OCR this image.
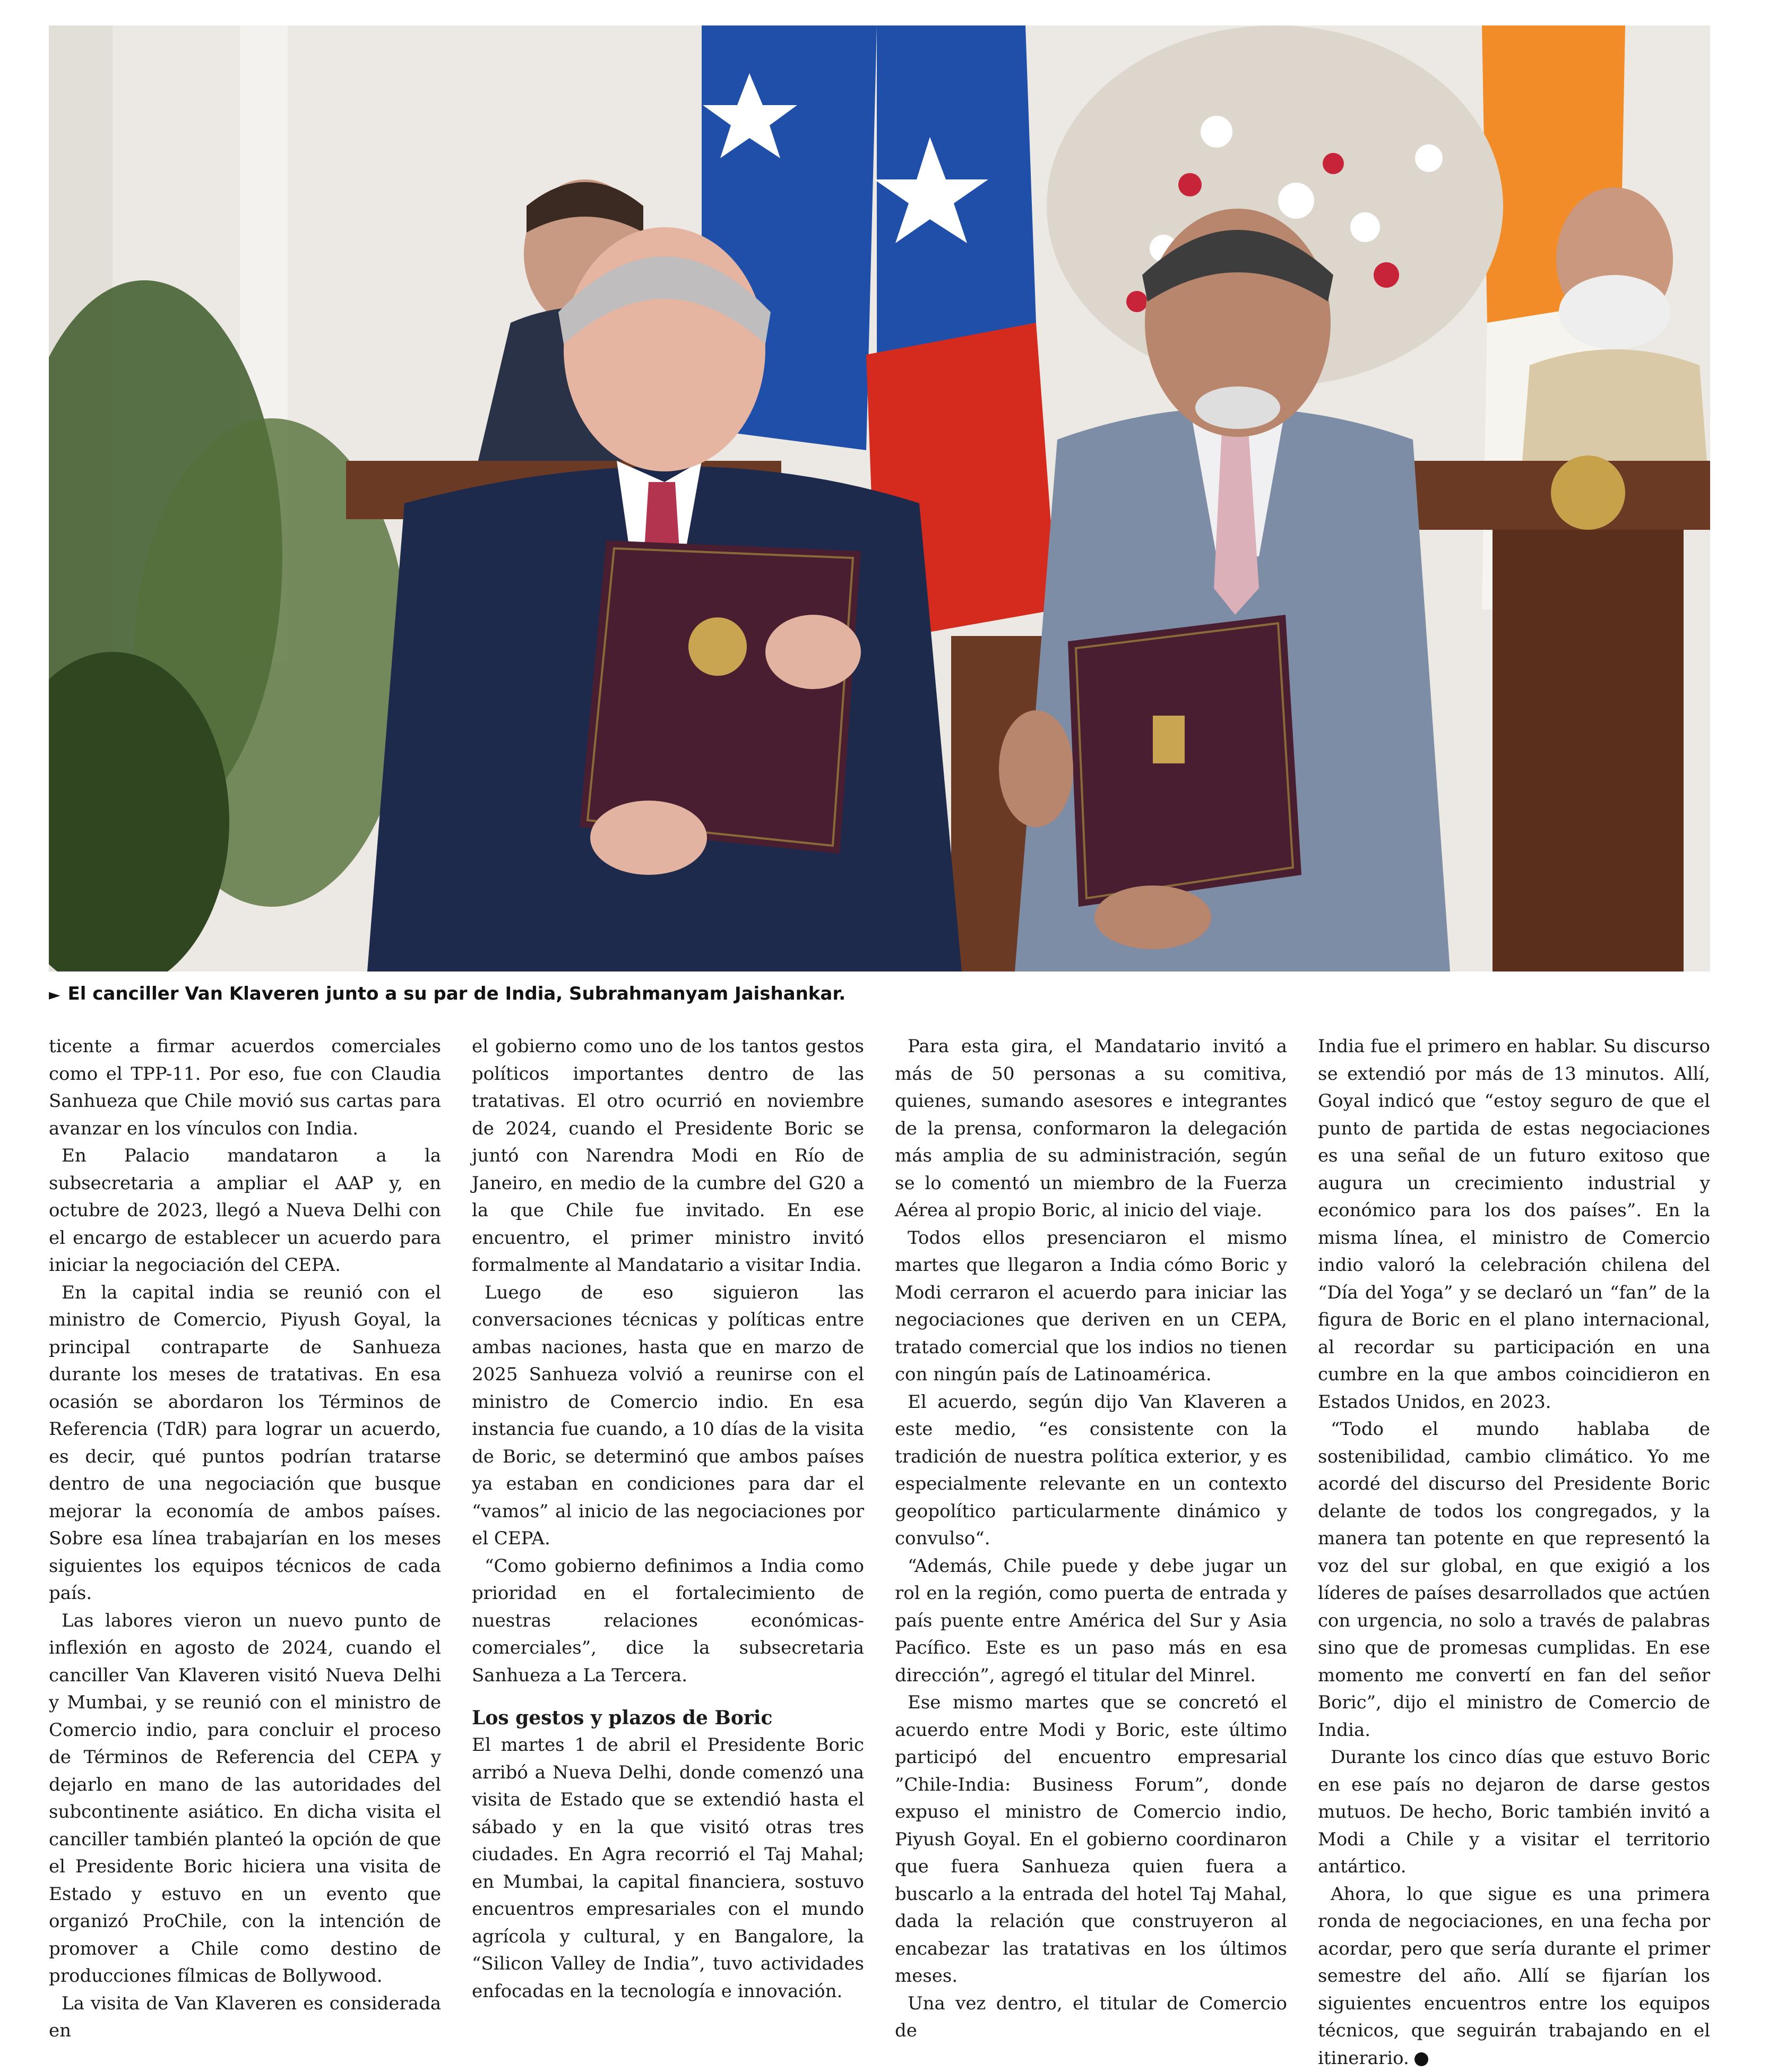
► El canciller Van Klaveren junto a su par de India, Subrahmanyam Jaishankar.

ticente a firmar acuerdos comerciales como el TPP-11. Por eso, fue con Claudia Sanhueza que Chile movió sus cartas para avanzar en los vínculos con India.

En Palacio mandataron a la subsecretaria a ampliar el AAP y, en octubre de 2023, llegó a Nueva Delhi con el encargo de establecer un acuerdo para iniciar la negociación del CEPA.

En la capital india se reunió con el ministro de Comercio, Piyush Goyal, la principal contraparte de Sanhueza durante los meses de tratativas. En esa ocasión se abordaron los Términos de Referencia (TdR) para lograr un acuerdo, es decir, qué puntos podrían tratarse dentro de una negociación que busque mejorar la economía de ambos países. Sobre esa línea trabajarían en los meses siguientes los equipos técnicos de cada país.

Las labores vieron un nuevo punto de inflexión en agosto de 2024, cuando el canciller Van Klaveren visitó Nueva Delhi y Mumbai, y se reunió con el ministro de Comercio indio, para concluir el proceso de Términos de Referencia del CEPA y dejarlo en mano de las autoridades del subcontinente asiático. En dicha visita el canciller también planteó la opción de que el Presidente Boric hiciera una visita de Estado y estuvo en un evento que organizó ProChile, con la intención de promover a Chile como destino de producciones fílmicas de Bollywood.

La visita de Van Klaveren es considerada en

el gobierno como uno de los tantos gestos políticos importantes dentro de las tratativas. El otro ocurrió en noviembre de 2024, cuando el Presidente Boric se juntó con Narendra Modi en Río de Janeiro, en medio de la cumbre del G20 a la que Chile fue invitado. En ese encuentro, el primer ministro invitó formalmente al Mandatario a visitar India.

Luego de eso siguieron las conversaciones técnicas y políticas entre ambas naciones, hasta que en marzo de 2025 Sanhueza volvió a reunirse con el ministro de Comercio indio. En esa instancia fue cuando, a 10 días de la visita de Boric, se determinó que ambos países ya estaban en condiciones para dar el “vamos” al inicio de las negociaciones por el CEPA.

“Como gobierno definimos a India como prioridad en el fortalecimiento de nuestras relaciones económicas-comerciales”, dice la subsecretaria Sanhueza a La Tercera.

Los gestos y plazos de Boric

El martes 1 de abril el Presidente Boric arribó a Nueva Delhi, donde comenzó una visita de Estado que se extendió hasta el sábado y en la que visitó otras tres ciudades. En Agra recorrió el Taj Mahal; en Mumbai, la capital financiera, sostuvo encuentros empresariales con el mundo agrícola y cultural, y en Bangalore, la “Silicon Valley de India”, tuvo actividades enfocadas en la tecnología e innovación.

Para esta gira, el Mandatario invitó a más de 50 personas a su comitiva, quienes, sumando asesores e integrantes de la prensa, conformaron la delegación más amplia de su administración, según se lo comentó un miembro de la Fuerza Aérea al propio Boric, al inicio del viaje.

Todos ellos presenciaron el mismo martes que llegaron a India cómo Boric y Modi cerraron el acuerdo para iniciar las negociaciones que deriven en un CEPA, tratado comercial que los indios no tienen con ningún país de Latinoamérica.

El acuerdo, según dijo Van Klaveren a este medio, “es consistente con la tradición de nuestra política exterior, y es especialmente relevante en un contexto geopolítico particularmente dinámico y convulso“.

“Además, Chile puede y debe jugar un rol en la región, como puerta de entrada y país puente entre América del Sur y Asia Pacífico. Este es un paso más en esa dirección”, agregó el titular del Minrel.

Ese mismo martes que se concretó el acuerdo entre Modi y Boric, este último participó del encuentro empresarial ”Chile-India: Business Forum”, donde expuso el ministro de Comercio indio, Piyush Goyal. En el gobierno coordinaron que fuera Sanhueza quien fuera a buscarlo a la entrada del hotel Taj Mahal, dada la relación que construyeron al encabezar las tratativas en los últimos meses.

Una vez dentro, el titular de Comercio de

India fue el primero en hablar. Su discurso se extendió por más de 13 minutos. Allí, Goyal indicó que “estoy seguro de que el punto de partida de estas negociaciones es una señal de un futuro exitoso que augura un crecimiento industrial y económico para los dos países”. En la misma línea, el ministro de Comercio indio valoró la celebración chilena del “Día del Yoga” y se declaró un “fan” de la figura de Boric en el plano internacional, al recordar su participación en una cumbre en la que ambos coincidieron en Estados Unidos, en 2023.

“Todo el mundo hablaba de sostenibilidad, cambio climático. Yo me acordé del discurso del Presidente Boric delante de todos los congregados, y la manera tan potente en que representó la voz del sur global, en que exigió a los líderes de países desarrollados que actúen con urgencia, no solo a través de palabras sino que de promesas cumplidas. En ese momento me convertí en fan del señor Boric”, dijo el ministro de Comercio de India.

Durante los cinco días que estuvo Boric en ese país no dejaron de darse gestos mutuos. De hecho, Boric también invitó a Modi a Chile y a visitar el territorio antártico.

Ahora, lo que sigue es una primera ronda de negociaciones, en una fecha por acordar, pero que sería durante el primer semestre del año. Allí se fijarían los siguientes encuentros entre los equipos técnicos, que seguirán trabajando en el itinerario.
